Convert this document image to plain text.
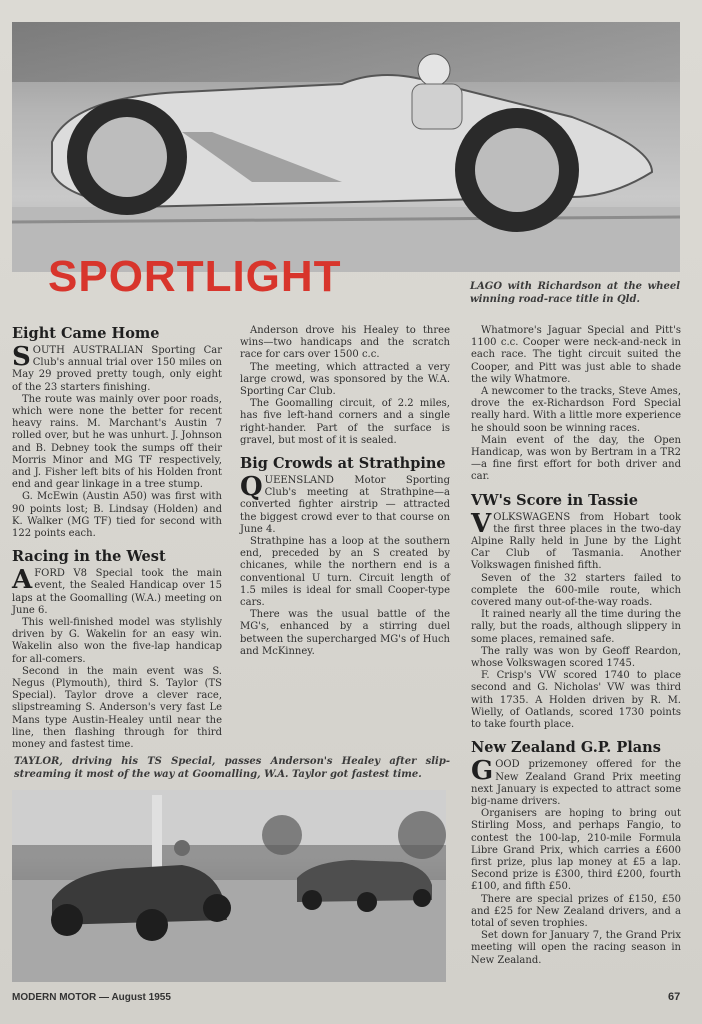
SPORTLIGHT	LAGO with Richardson at the wheel winning road-race title in Qld.
Eight Came Home

SOUTH AUSTRALIAN Sporting Car Club's annual trial over 150 miles on May 29 proved pretty tough, only eight of the 23 starters finishing.

The route was mainly over poor roads, which were none the better for recent heavy rains. M. Marchant's Austin 7 rolled over, but he was unhurt. J. Johnson and B. Debney took the sumps off their Morris Minor and MG TF respectively, and J. Fisher left bits of his Holden front end and gear linkage in a tree stump.

G. McEwin (Austin A50) was first with 90 points lost; B. Lindsay (Holden) and K. Walker (MG TF) tied for second with 122 points each.

Racing in the West

A FORD V8 Special took the main event, the Sealed Handicap over 15 laps at the Goomalling (W.A.) meeting on June 6.

This well-finished model was stylishly driven by G. Wakelin for an easy win. Wakelin also won the five-lap handicap for all-comers.

Second in the main event was S. Negus (Plymouth), third S. Taylor (TS Special). Taylor drove a clever race, slipstreaming S. Anderson's very fast Le Mans type Austin-Healey until near the line, then flashing through for third money and fastest time.

Anderson drove his Healey to three wins—two handicaps and the scratch race for cars over 1500 c.c.

The meeting, which attracted a very large crowd, was sponsored by the W.A. Sporting Car Club.

The Goomalling circuit, of 2.2 miles, has five left-hand corners and a single right-hander. Part of the surface is gravel, but most of it is sealed.

Big Crowds at Strathpine

QUEENSLAND Motor Sporting Club's meeting at Strathpine—a converted fighter airstrip — attracted the biggest crowd ever to that course on June 4.

Strathpine has a loop at the southern end, preceded by an S created by chicanes, while the northern end is a conventional U turn. Circuit length of 1.5 miles is ideal for small Cooper-type cars.

There was the usual battle of the MG's, enhanced by a stirring duel between the supercharged MG's of Huch and McKinney.

Whatmore's Jaguar Special and Pitt's 1100 c.c. Cooper were neck-and-neck in each race. The tight circuit suited the Cooper, and Pitt was just able to shade the wily Whatmore.

A newcomer to the tracks, Steve Ames, drove the ex-Richardson Ford Special really hard. With a little more experience he should soon be winning races.

Main event of the day, the Open Handicap, was won by Bertram in a TR2—a fine first effort for both driver and car.

VW's Score in Tassie

VOLKSWAGENS from Hobart took the first three places in the two-day Alpine Rally held in June by the Light Car Club of Tasmania. Another Volkswagen finished fifth.

Seven of the 32 starters failed to complete the 600-mile route, which covered many out-of-the-way roads.

It rained nearly all the time during the rally, but the roads, although slippery in some places, remained safe.

The rally was won by Geoff Reardon, whose Volkswagen scored 1745.

F. Crisp's VW scored 1740 to place second and G. Nicholas' VW was third with 1735. A Holden driven by R. M. Wielly, of Oatlands, scored 1730 points to take fourth place.

New Zealand G.P. Plans

GOOD prizemoney offered for the New Zealand Grand Prix meeting next January is expected to attract some big-name drivers.

Organisers are hoping to bring out Stirling Moss, and perhaps Fangio, to contest the 100-lap, 210-mile Formula Libre Grand Prix, which carries a £600 first prize, plus lap money at £5 a lap. Second prize is £300, third £200, fourth £100, and fifth £50.

There are special prizes of £150, £50 and £25 for New Zealand drivers, and a total of seven trophies.

Set down for January 7, the Grand Prix meeting will open the racing season in New Zealand.

TAYLOR, driving his TS Special, passes Anderson's Healey after slip-streaming it most of the way at Goomalling, W.A. Taylor got fastest time.
MODERN MOTOR — August 1955	67
